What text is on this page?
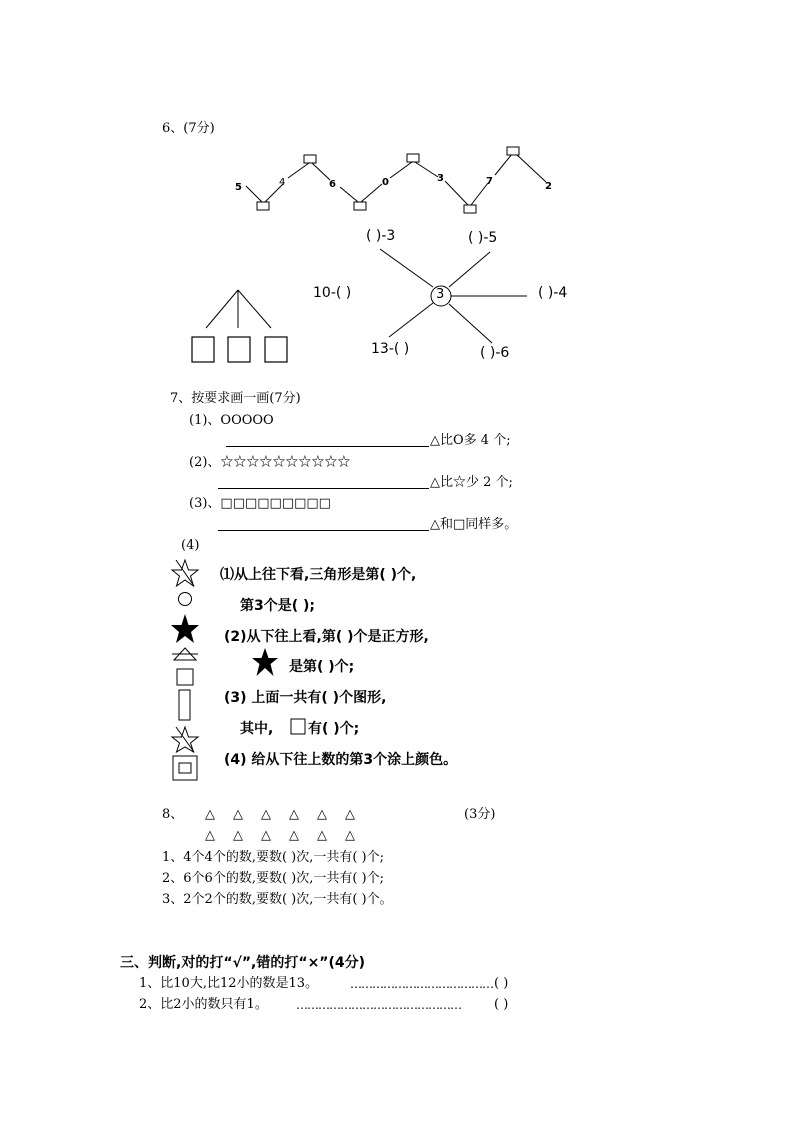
6、(7分)
5	4	6	0	3	7	2
3
( )-3	( )-5
10-( )	( )-4
13-( )	( )-6
7、按要求画一画(7分)
(1)、ООООО
△比О多 4 个;
(2)、☆☆☆☆☆☆☆☆☆☆
△比☆少 2 个;
(3)、□□□□□□□□□
△和□同样多。
(4)
⑴从上往下看,三角形是第( )个,
第3个是( );
(2)从下往上看,第( )个是正方形,
是第( )个;
(3) 上面一共有( )个图形,
其中, 有( )个;
(4) 给从下往上数的第3个涂上颜色。
8、	(3分)
△ △ △ △ △ △
△ △ △ △ △ △
1、4个4个的数,要数( )次,一共有( )个;
2、6个6个的数,要数( )次,一共有( )个;
3、2个2个的数,要数( )次,一共有( )个。
三、判断,对的打“√”,错的打“×”(4分)
1、比10大,比12小的数是13。	………………………………… ( )
2、比2小的数只有1。 ………………………………………	( )
